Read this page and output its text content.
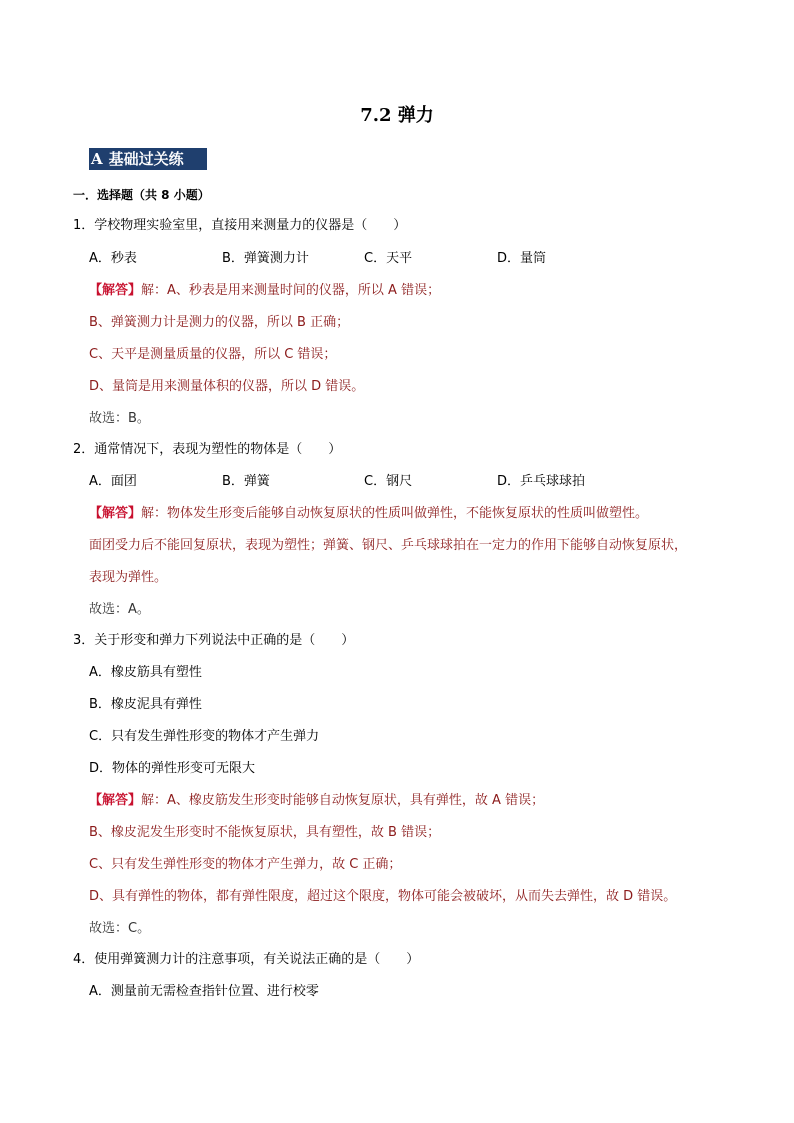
7.2 弹力
A 基础过关练
一．选择题（共 8 小题）
1．学校物理实验室里，直接用来测量力的仪器是（　　）
A．秒表	B．弹簧测力计	C．天平	D．量筒
【解答】解：A、秒表是用来测量时间的仪器，所以 A 错误；
B、弹簧测力计是测力的仪器，所以 B 正确；
C、天平是测量质量的仪器，所以 C 错误；
D、量筒是用来测量体积的仪器，所以 D 错误。
故选：B。
2．通常情况下，表现为塑性的物体是（　　）
A．面团	B．弹簧	C．钢尺	D．乒乓球球拍
【解答】解：物体发生形变后能够自动恢复原状的性质叫做弹性，不能恢复原状的性质叫做塑性。
面团受力后不能回复原状，表现为塑性；弹簧、钢尺、乒乓球球拍在一定力的作用下能够自动恢复原状，
表现为弹性。
故选：A。
3．关于形变和弹力下列说法中正确的是（　　）
A．橡皮筋具有塑性
B．橡皮泥具有弹性
C．只有发生弹性形变的物体才产生弹力
D．物体的弹性形变可无限大
【解答】解：A、橡皮筋发生形变时能够自动恢复原状，具有弹性，故 A 错误；
B、橡皮泥发生形变时不能恢复原状，具有塑性，故 B 错误；
C、只有发生弹性形变的物体才产生弹力，故 C 正确；
D、具有弹性的物体，都有弹性限度，超过这个限度，物体可能会被破坏，从而失去弹性，故 D 错误。
故选：C。
4．使用弹簧测力计的注意事项，有关说法正确的是（　　）
A．测量前无需检查指针位置、进行校零
